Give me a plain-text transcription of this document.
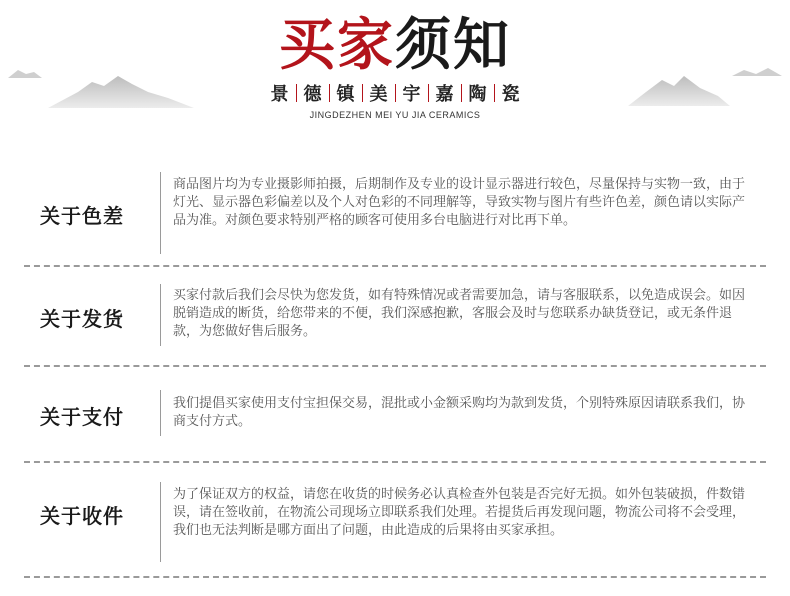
买家须知
景 德 镇 美 宇 嘉 陶 瓷
JINGDEZHEN MEI YU JIA CERAMICS
关于色差
商品图片均为专业摄影师拍摄，后期制作及专业的设计显示器进行较色，尽量保持与实物一致，由于灯光、显示器色彩偏差以及个人对色彩的不同理解等，导致实物与图片有些许色差，颜色请以实际产品为准。对颜色要求特别严格的顾客可使用多台电脑进行对比再下单。
关于发货
买家付款后我们会尽快为您发货，如有特殊情况或者需要加急，请与客服联系，以免造成误会。如因脱销造成的断货，给您带来的不便，我们深感抱歉，客服会及时与您联系办缺货登记，或无条件退款，为您做好售后服务。
关于支付
我们提倡买家使用支付宝担保交易，混批或小金额采购均为款到发货，个别特殊原因请联系我们，协商支付方式。
关于收件
为了保证双方的权益，请您在收货的时候务必认真检查外包装是否完好无损。如外包装破损，件数错误，请在签收前，在物流公司现场立即联系我们处理。若提货后再发现问题，物流公司将不会受理，我们也无法判断是哪方面出了问题，由此造成的后果将由买家承担。
